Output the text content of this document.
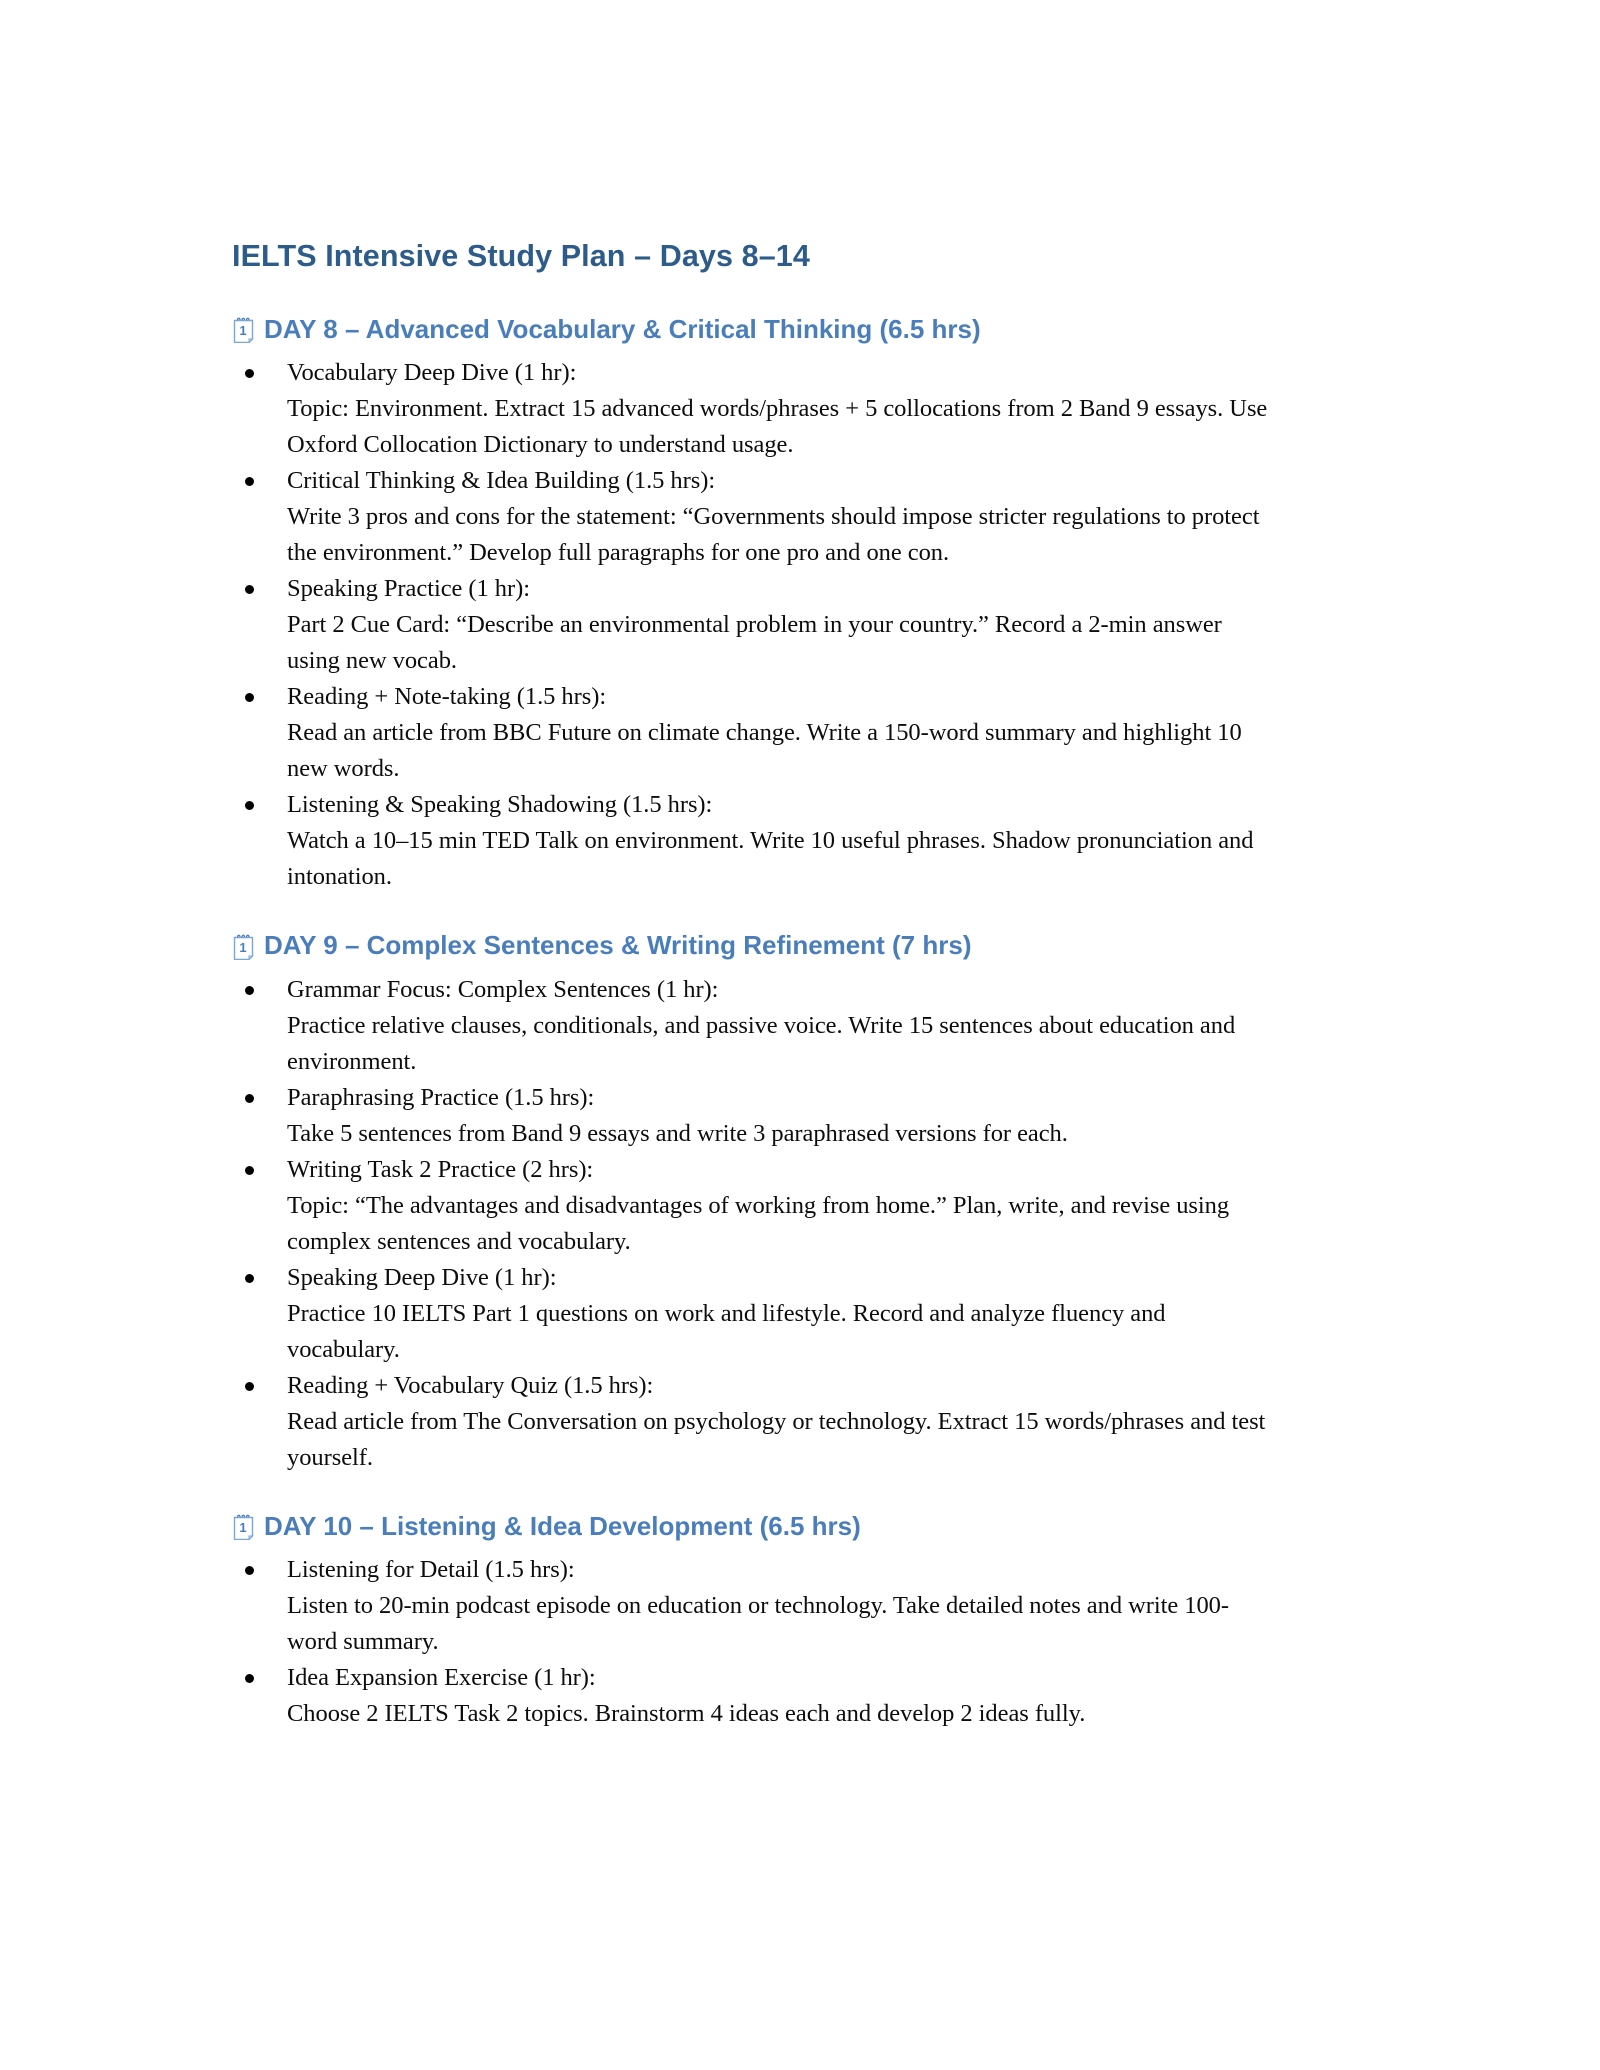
IELTS Intensive Study Plan – Days 8–14
1 DAY 8 – Advanced Vocabulary & Critical Thinking (6.5 hrs)
Vocabulary Deep Dive (1 hr):
Topic: Environment. Extract 15 advanced words/phrases + 5 collocations from 2 Band 9 essays. Use Oxford Collocation Dictionary to understand usage.
Critical Thinking & Idea Building (1.5 hrs):
Write 3 pros and cons for the statement: “Governments should impose stricter regulations to protect the environment.” Develop full paragraphs for one pro and one con.
Speaking Practice (1 hr):
Part 2 Cue Card: “Describe an environmental problem in your country.” Record a 2-min answer using new vocab.
Reading + Note-taking (1.5 hrs):
Read an article from BBC Future on climate change. Write a 150-word summary and highlight 10 new words.
Listening & Speaking Shadowing (1.5 hrs):
Watch a 10–15 min TED Talk on environment. Write 10 useful phrases. Shadow pronunciation and intonation.
1 DAY 9 – Complex Sentences & Writing Refinement (7 hrs)
Grammar Focus: Complex Sentences (1 hr):
Practice relative clauses, conditionals, and passive voice. Write 15 sentences about education and environment.
Paraphrasing Practice (1.5 hrs):
Take 5 sentences from Band 9 essays and write 3 paraphrased versions for each.
Writing Task 2 Practice (2 hrs):
Topic: “The advantages and disadvantages of working from home.” Plan, write, and revise using complex sentences and vocabulary.
Speaking Deep Dive (1 hr):
Practice 10 IELTS Part 1 questions on work and lifestyle. Record and analyze fluency and vocabulary.
Reading + Vocabulary Quiz (1.5 hrs):
Read article from The Conversation on psychology or technology. Extract 15 words/phrases and test yourself.
1 DAY 10 – Listening & Idea Development (6.5 hrs)
Listening for Detail (1.5 hrs):
Listen to 20-min podcast episode on education or technology. Take detailed notes and write 100-word summary.
Idea Expansion Exercise (1 hr):
Choose 2 IELTS Task 2 topics. Brainstorm 4 ideas each and develop 2 ideas fully.
